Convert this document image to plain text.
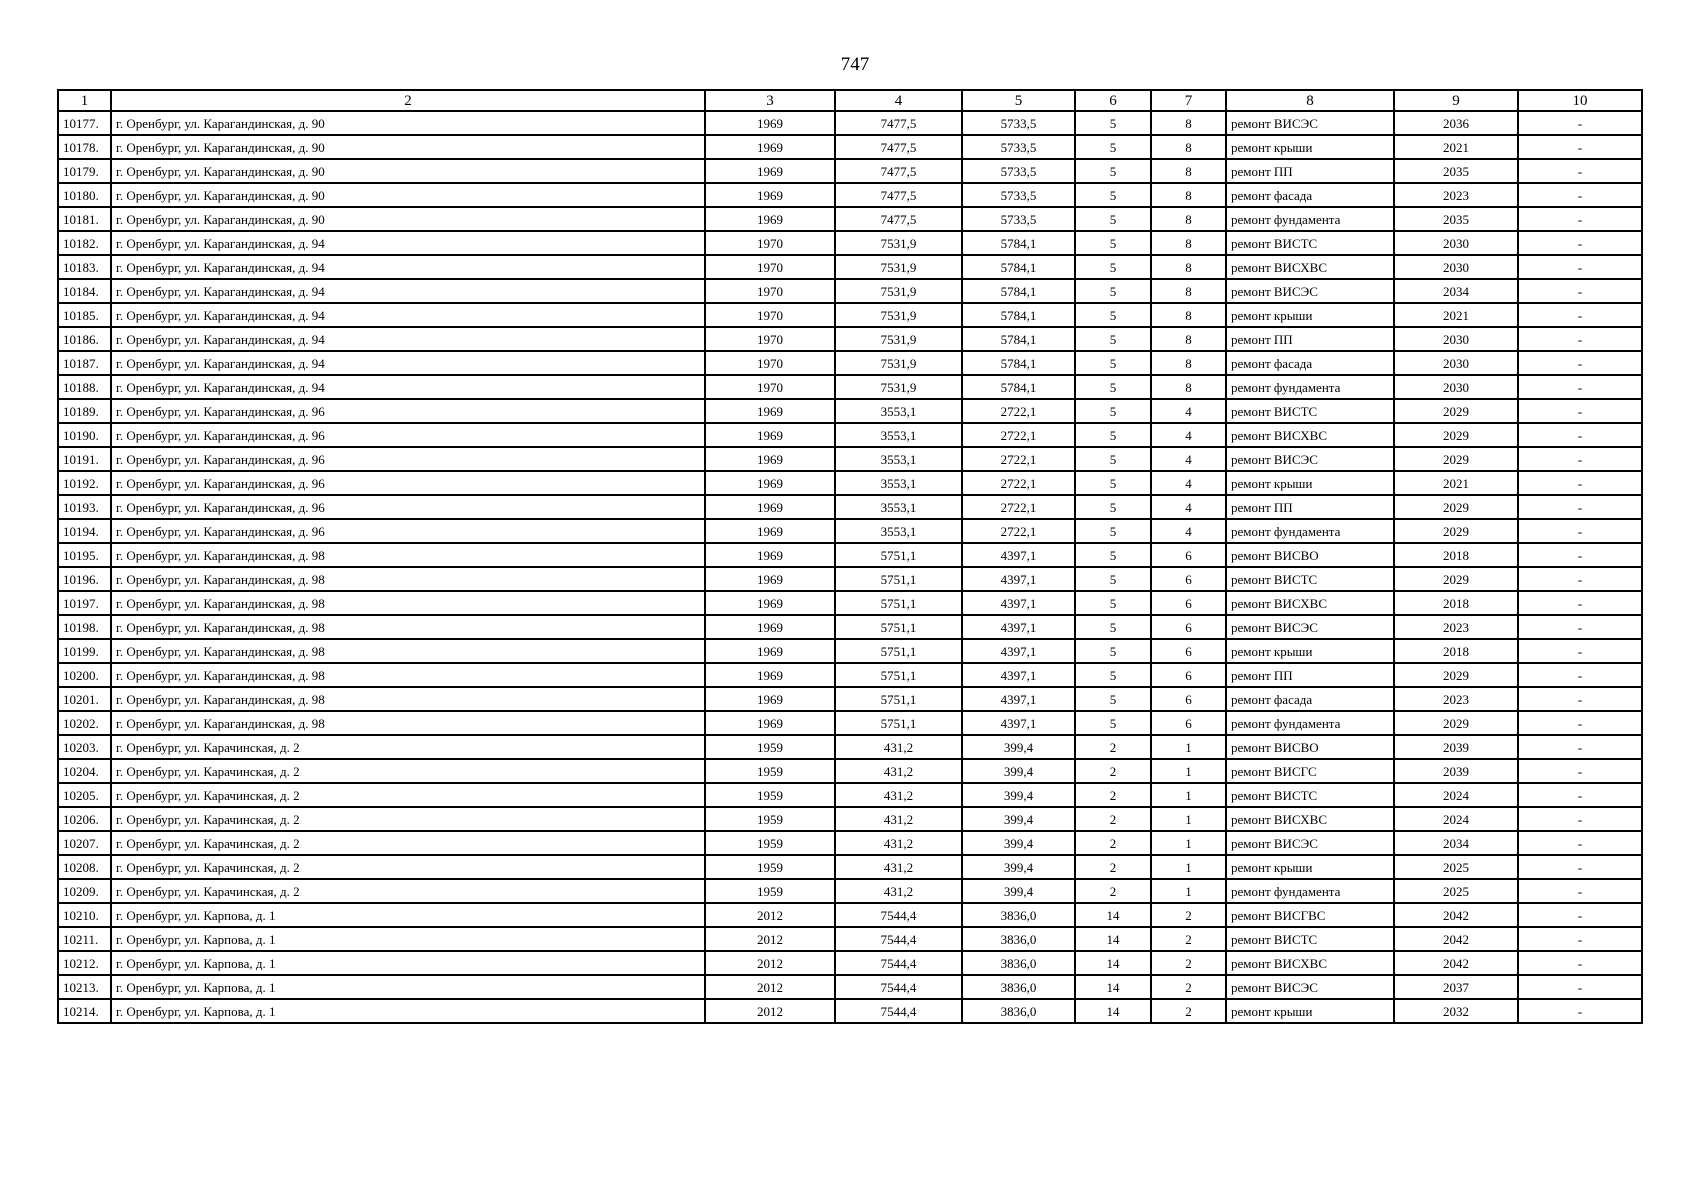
747
1	2	3	4	5	6	7	8	9	10
10177.	г. Оренбург, ул. Карагандинская, д. 90	1969	7477,5	5733,5	5	8	ремонт ВИСЭС	2036	-
10178.	г. Оренбург, ул. Карагандинская, д. 90	1969	7477,5	5733,5	5	8	ремонт крыши	2021	-
10179.	г. Оренбург, ул. Карагандинская, д. 90	1969	7477,5	5733,5	5	8	ремонт ПП	2035	-
10180.	г. Оренбург, ул. Карагандинская, д. 90	1969	7477,5	5733,5	5	8	ремонт фасада	2023	-
10181.	г. Оренбург, ул. Карагандинская, д. 90	1969	7477,5	5733,5	5	8	ремонт фундамента	2035	-
10182.	г. Оренбург, ул. Карагандинская, д. 94	1970	7531,9	5784,1	5	8	ремонт ВИСТС	2030	-
10183.	г. Оренбург, ул. Карагандинская, д. 94	1970	7531,9	5784,1	5	8	ремонт ВИСХВС	2030	-
10184.	г. Оренбург, ул. Карагандинская, д. 94	1970	7531,9	5784,1	5	8	ремонт ВИСЭС	2034	-
10185.	г. Оренбург, ул. Карагандинская, д. 94	1970	7531,9	5784,1	5	8	ремонт крыши	2021	-
10186.	г. Оренбург, ул. Карагандинская, д. 94	1970	7531,9	5784,1	5	8	ремонт ПП	2030	-
10187.	г. Оренбург, ул. Карагандинская, д. 94	1970	7531,9	5784,1	5	8	ремонт фасада	2030	-
10188.	г. Оренбург, ул. Карагандинская, д. 94	1970	7531,9	5784,1	5	8	ремонт фундамента	2030	-
10189.	г. Оренбург, ул. Карагандинская, д. 96	1969	3553,1	2722,1	5	4	ремонт ВИСТС	2029	-
10190.	г. Оренбург, ул. Карагандинская, д. 96	1969	3553,1	2722,1	5	4	ремонт ВИСХВС	2029	-
10191.	г. Оренбург, ул. Карагандинская, д. 96	1969	3553,1	2722,1	5	4	ремонт ВИСЭС	2029	-
10192.	г. Оренбург, ул. Карагандинская, д. 96	1969	3553,1	2722,1	5	4	ремонт крыши	2021	-
10193.	г. Оренбург, ул. Карагандинская, д. 96	1969	3553,1	2722,1	5	4	ремонт ПП	2029	-
10194.	г. Оренбург, ул. Карагандинская, д. 96	1969	3553,1	2722,1	5	4	ремонт фундамента	2029	-
10195.	г. Оренбург, ул. Карагандинская, д. 98	1969	5751,1	4397,1	5	6	ремонт ВИСВО	2018	-
10196.	г. Оренбург, ул. Карагандинская, д. 98	1969	5751,1	4397,1	5	6	ремонт ВИСТС	2029	-
10197.	г. Оренбург, ул. Карагандинская, д. 98	1969	5751,1	4397,1	5	6	ремонт ВИСХВС	2018	-
10198.	г. Оренбург, ул. Карагандинская, д. 98	1969	5751,1	4397,1	5	6	ремонт ВИСЭС	2023	-
10199.	г. Оренбург, ул. Карагандинская, д. 98	1969	5751,1	4397,1	5	6	ремонт крыши	2018	-
10200.	г. Оренбург, ул. Карагандинская, д. 98	1969	5751,1	4397,1	5	6	ремонт ПП	2029	-
10201.	г. Оренбург, ул. Карагандинская, д. 98	1969	5751,1	4397,1	5	6	ремонт фасада	2023	-
10202.	г. Оренбург, ул. Карагандинская, д. 98	1969	5751,1	4397,1	5	6	ремонт фундамента	2029	-
10203.	г. Оренбург, ул. Карачинская, д. 2	1959	431,2	399,4	2	1	ремонт ВИСВО	2039	-
10204.	г. Оренбург, ул. Карачинская, д. 2	1959	431,2	399,4	2	1	ремонт ВИСГС	2039	-
10205.	г. Оренбург, ул. Карачинская, д. 2	1959	431,2	399,4	2	1	ремонт ВИСТС	2024	-
10206.	г. Оренбург, ул. Карачинская, д. 2	1959	431,2	399,4	2	1	ремонт ВИСХВС	2024	-
10207.	г. Оренбург, ул. Карачинская, д. 2	1959	431,2	399,4	2	1	ремонт ВИСЭС	2034	-
10208.	г. Оренбург, ул. Карачинская, д. 2	1959	431,2	399,4	2	1	ремонт крыши	2025	-
10209.	г. Оренбург, ул. Карачинская, д. 2	1959	431,2	399,4	2	1	ремонт фундамента	2025	-
10210.	г. Оренбург, ул. Карпова, д. 1	2012	7544,4	3836,0	14	2	ремонт ВИСГВС	2042	-
10211.	г. Оренбург, ул. Карпова, д. 1	2012	7544,4	3836,0	14	2	ремонт ВИСТС	2042	-
10212.	г. Оренбург, ул. Карпова, д. 1	2012	7544,4	3836,0	14	2	ремонт ВИСХВС	2042	-
10213.	г. Оренбург, ул. Карпова, д. 1	2012	7544,4	3836,0	14	2	ремонт ВИСЭС	2037	-
10214.	г. Оренбург, ул. Карпова, д. 1	2012	7544,4	3836,0	14	2	ремонт крыши	2032	-
